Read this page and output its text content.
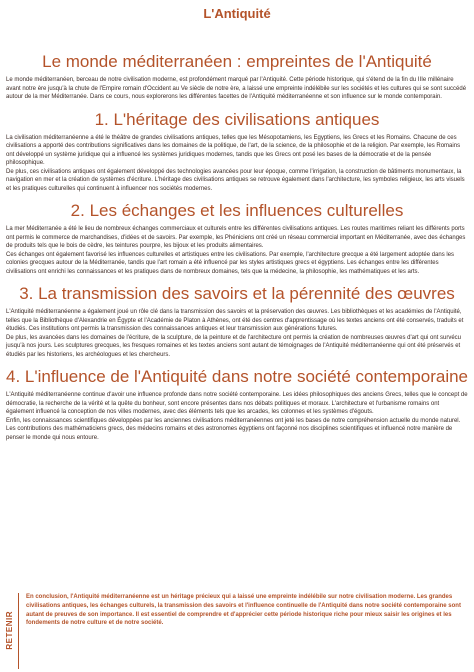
L'Antiquité
Le monde méditerranéen : empreintes de l'Antiquité

Le monde méditerranéen, berceau de notre civilisation moderne, est profondément marqué par l'Antiquité. Cette période historique, qui s'étend de la fin du IIIe millénaire avant notre ère jusqu'à la chute de l'Empire romain d'Occident au Ve siècle de notre ère, a laissé une empreinte indélébile sur les sociétés et les cultures qui se sont succédé autour de la mer Méditerranée. Dans ce cours, nous explorerons les différentes facettes de l'Antiquité méditerranéenne et son influence sur le monde contemporain.

1. L'héritage des civilisations antiques

La civilisation méditerranéenne a été le théâtre de grandes civilisations antiques, telles que les Mésopotamiens, les Egyptiens, les Grecs et les Romains. Chacune de ces civilisations a apporté des contributions significatives dans les domaines de la politique, de l'art, de la science, de la philosophie et de la religion. Par exemple, les Romains ont développé un système juridique qui a influencé les systèmes juridiques modernes, tandis que les Grecs ont posé les bases de la démocratie et de la pensée philosophique.

De plus, ces civilisations antiques ont également développé des technologies avancées pour leur époque, comme l'irrigation, la construction de bâtiments monumentaux, la navigation en mer et la création de systèmes d'écriture. L'héritage des civilisations antiques se retrouve également dans l'architecture, les symboles religieux, les arts visuels et les pratiques culturelles qui continuent à influencer nos sociétés modernes.

2. Les échanges et les influences culturelles

La mer Méditerranée a été le lieu de nombreux échanges commerciaux et culturels entre les différentes civilisations antiques. Les routes maritimes reliant les différents ports ont permis le commerce de marchandises, d'idées et de savoirs. Par exemple, les Phéniciens ont créé un réseau commercial important en Méditerranée, avec des échanges de produits tels que le bois de cèdre, les teintures pourpre, les bijoux et les produits alimentaires.

Ces échanges ont également favorisé les influences culturelles et artistiques entre les civilisations. Par exemple, l'architecture grecque a été largement adoptée dans les colonies grecques autour de la Méditerranée, tandis que l'art romain a été influencé par les styles artistiques grecs et égyptiens. Les échanges entre les différentes civilisations ont enrichi les connaissances et les pratiques dans de nombreux domaines, tels que la médecine, la philosophie, les mathématiques et les arts.

3. La transmission des savoirs et la pérennité des œuvres

L'Antiquité méditerranéenne a également joué un rôle clé dans la transmission des savoirs et la préservation des œuvres. Les bibliothèques et les académies de l'Antiquité, telles que la Bibliothèque d'Alexandrie en Égypte et l'Académie de Platon à Athènes, ont été des centres d'apprentissage où les textes anciens ont été conservés, traduits et étudiés. Ces institutions ont permis la transmission des connaissances antiques et leur transmission aux générations futures.

De plus, les avancées dans les domaines de l'écriture, de la sculpture, de la peinture et de l'architecture ont permis la création de nombreuses œuvres d'art qui ont survécu jusqu'à nos jours. Les sculptures grecques, les fresques romaines et les textes anciens sont autant de témoignages de l'Antiquité méditerranéenne qui ont été préservés et étudiés par les historiens, les archéologues et les chercheurs.

4. L'influence de l'Antiquité dans notre société contemporaine

L'Antiquité méditerranéenne continue d'avoir une influence profonde dans notre société contemporaine. Les idées philosophiques des anciens Grecs, telles que le concept de démocratie, la recherche de la vérité et la quête du bonheur, sont encore présentes dans nos débats politiques et moraux. L'architecture et l'urbanisme romains ont également influencé la conception de nos villes modernes, avec des éléments tels que les arcades, les colonnes et les systèmes d'égouts.

Enfin, les connaissances scientifiques développées par les anciennes civilisations méditerranéennes ont jeté les bases de notre compréhension actuelle du monde naturel. Les contributions des mathématiciens grecs, des médecins romains et des astronomes égyptiens ont façonné nos disciplines scientifiques et influencé notre manière de penser le monde qui nous entoure.

RETENIR
En conclusion, l'Antiquité méditerranéenne est un héritage précieux qui a laissé une empreinte indélébile sur notre civilisation moderne. Les grandes civilisations antiques, les échanges culturels, la transmission des savoirs et l'influence continuelle de l'Antiquité dans notre société contemporaine sont autant de preuves de son importance. Il est essentiel de comprendre et d'apprécier cette période historique riche pour mieux saisir les origines et les fondements de notre culture et de notre société.
